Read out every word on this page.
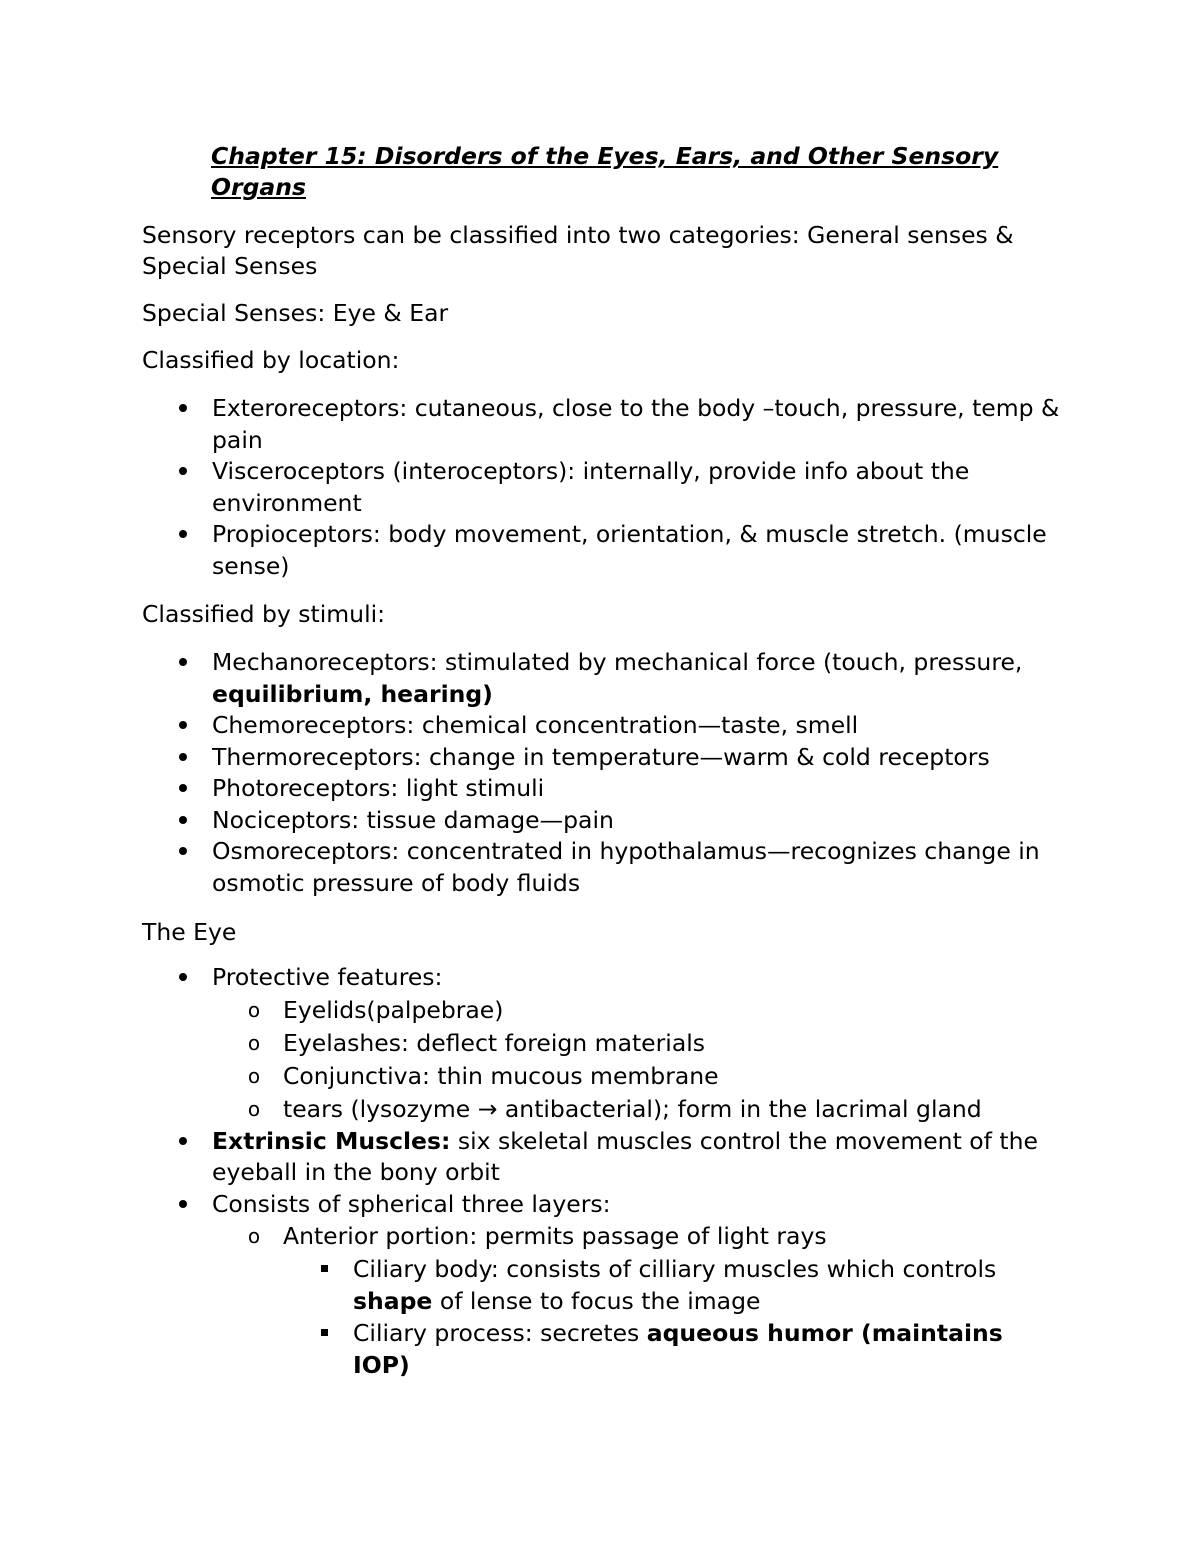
Chapter 15: Disorders of the Eyes, Ears, and Other Sensory Organs

Sensory receptors can be classified into two categories: General senses & Special Senses

Special Senses: Eye & Ear

Classified by location:

Exteroreceptors: cutaneous, close to the body –touch, pressure, temp & pain
Visceroceptors (interoceptors): internally, provide info about the environment
Propioceptors: body movement, orientation, & muscle stretch. (muscle sense)

Classified by stimuli:

Mechanoreceptors: stimulated by mechanical force (touch, pressure, equilibrium, hearing)
Chemoreceptors: chemical concentration—taste, smell
Thermoreceptors: change in temperature—warm & cold receptors
Photoreceptors: light stimuli
Nociceptors: tissue damage—pain
Osmoreceptors: concentrated in hypothalamus—recognizes change in osmotic pressure of body fluids

The Eye

Protective features:
o Eyelids(palpebrae)
o Eyelashes: deflect foreign materials
o Conjunctiva: thin mucous membrane
o tears (lysozyme → antibacterial); form in the lacrimal gland
Extrinsic Muscles: six skeletal muscles control the movement of the eyeball in the bony orbit
Consists of spherical three layers:
o Anterior portion: permits passage of light rays
Ciliary body: consists of cilliary muscles which controls shape of lense to focus the image
Ciliary process: secretes aqueous humor (maintains IOP)
